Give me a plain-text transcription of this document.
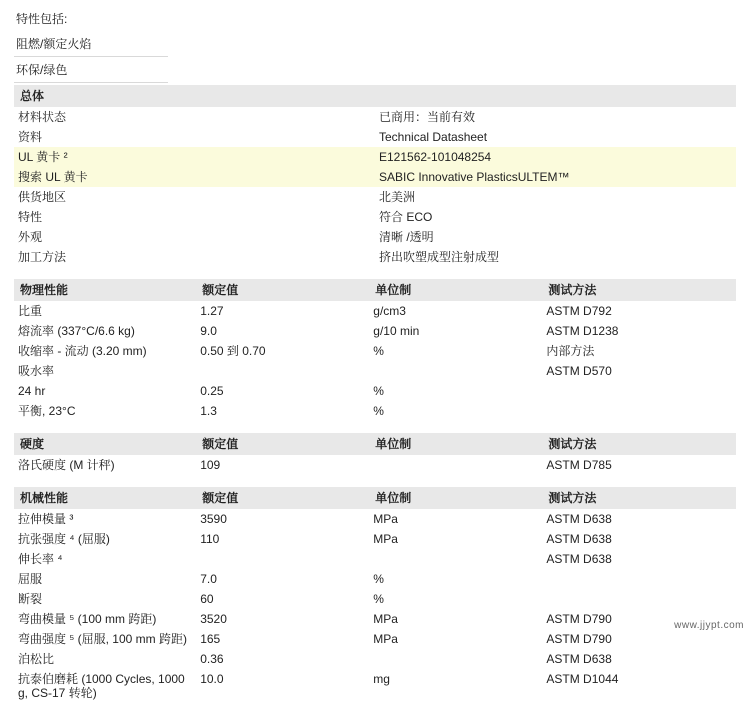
特性包括:
阻燃/额定火焰
环保/绿色
总体	
材料状态	已商用：当前有效
资料	Technical Datasheet
UL 黄卡 ²	E121562-101048254
搜索 UL 黄卡	SABIC Innovative PlasticsULTEM™
供货地区	北美洲
特性	符合 ECO
外观	清晰 /透明
加工方法	挤出吹塑成型注射成型
物理性能	额定值	单位制	测试方法
比重	1.27	g/cm3	ASTM D792
熔流率 (337°C/6.6 kg)	9.0	g/10 min	ASTM D1238
收缩率 - 流动 (3.20 mm)	0.50 到 0.70	%	内部方法
吸水率			ASTM D570
24 hr	0.25	%	
平衡, 23°C	1.3	%	
硬度	额定值	单位制	测试方法
洛氏硬度 (M 计秤)	109		ASTM D785
机械性能	额定值	单位制	测试方法
拉伸模量 ³	3590	MPa	ASTM D638
抗张强度 ⁴ (屈服)	110	MPa	ASTM D638
伸长率 ⁴			ASTM D638
屈服	7.0	%	
断裂	60	%	
弯曲模量 ⁵ (100 mm 跨距)	3520	MPa	ASTM D790
弯曲强度 ⁵ (屈服, 100 mm 跨距)	165	MPa	ASTM D790
泊松比	0.36		ASTM D638
抗泰伯磨耗 (1000 Cycles, 1000 g, CS-17 转轮)	10.0	mg	ASTM D1044
www.jjypt.com
